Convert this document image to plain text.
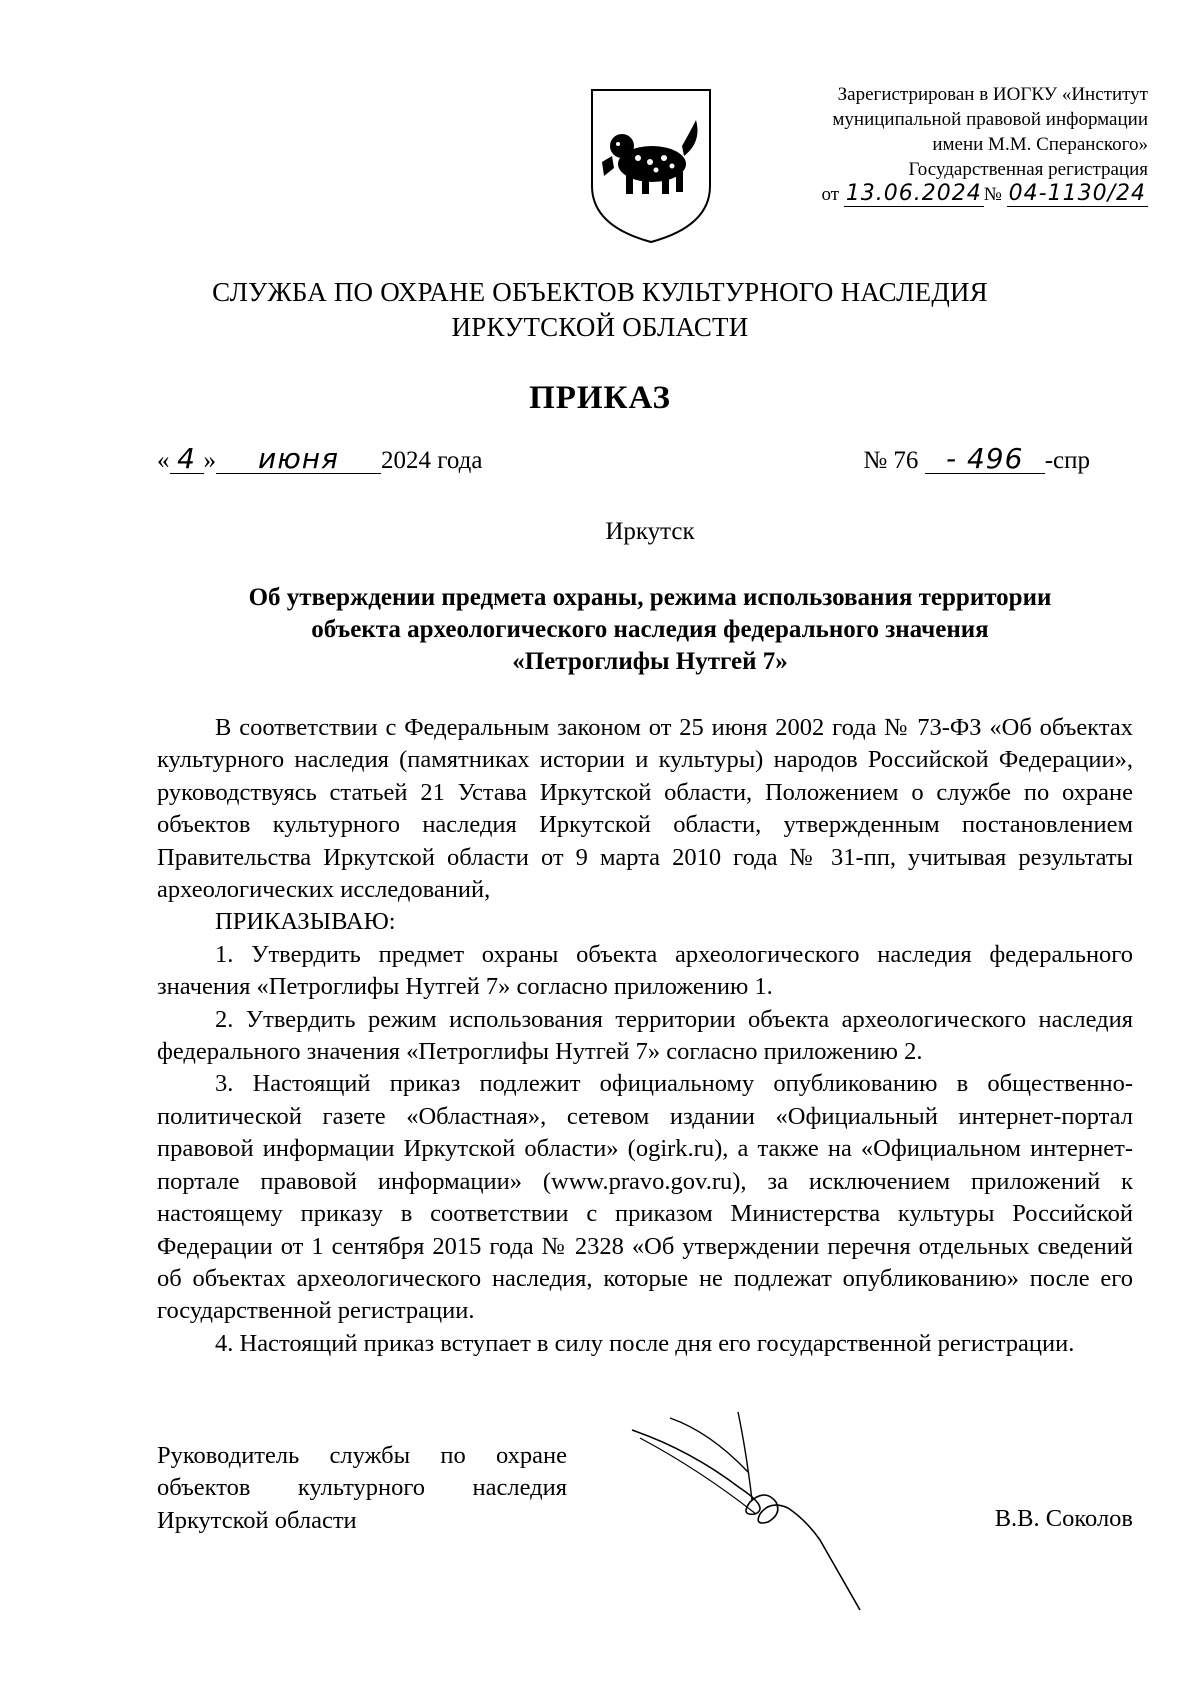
Зарегистрирован в ИОГКУ «Институт
муниципальной правовой информации
имени М.М. Сперанского»
Государственная регистрация
от 13.06.2024 № 04-1130/24
СЛУЖБА ПО ОХРАНЕ ОБЪЕКТОВ КУЛЬТУРНОГО НАСЛЕДИЯ
ИРКУТСКОЙ ОБЛАСТИ
ПРИКАЗ
« 4 » июня 2024 года	№ 76 - 496 -спр
Иркутск
Об утверждении предмета охраны, режима использования территории
объекта археологического наследия федерального значения
«Петроглифы Нутгей 7»

В соответствии с Федеральным законом от 25 июня 2002 года № 73-ФЗ «Об объектах культурного наследия (памятниках истории и культуры) народов Российской Федерации», руководствуясь статьей 21 Устава Иркутской области, Положением о службе по охране объектов культурного наследия Иркутской области, утвержденным постановлением Правительства Иркутской области от 9 марта 2010 года № 31-пп, учитывая результаты археологических исследований,

ПРИКАЗЫВАЮ:

1. Утвердить предмет охраны объекта археологического наследия федерального значения «Петроглифы Нутгей 7» согласно приложению 1.

2. Утвердить режим использования территории объекта археологического наследия федерального значения «Петроглифы Нутгей 7» согласно приложению 2.

3. Настоящий приказ подлежит официальному опубликованию в общественно-политической газете «Областная», сетевом издании «Официальный интернет-портал правовой информации Иркутской области» (ogirk.ru), а также на «Официальном интернет-портале правовой информации» (www.pravo.gov.ru), за исключением приложений к настоящему приказу в соответствии с приказом Министерства культуры Российской Федерации от 1 сентября 2015 года № 2328 «Об утверждении перечня отдельных сведений об объектах археологического наследия, которые не подлежат опубликованию» после его государственной регистрации.

4. Настоящий приказ вступает в силу после дня его государственной регистрации.

Руководитель службы по охране
объектов культурного наследия
Иркутской области	В.В. Соколов
